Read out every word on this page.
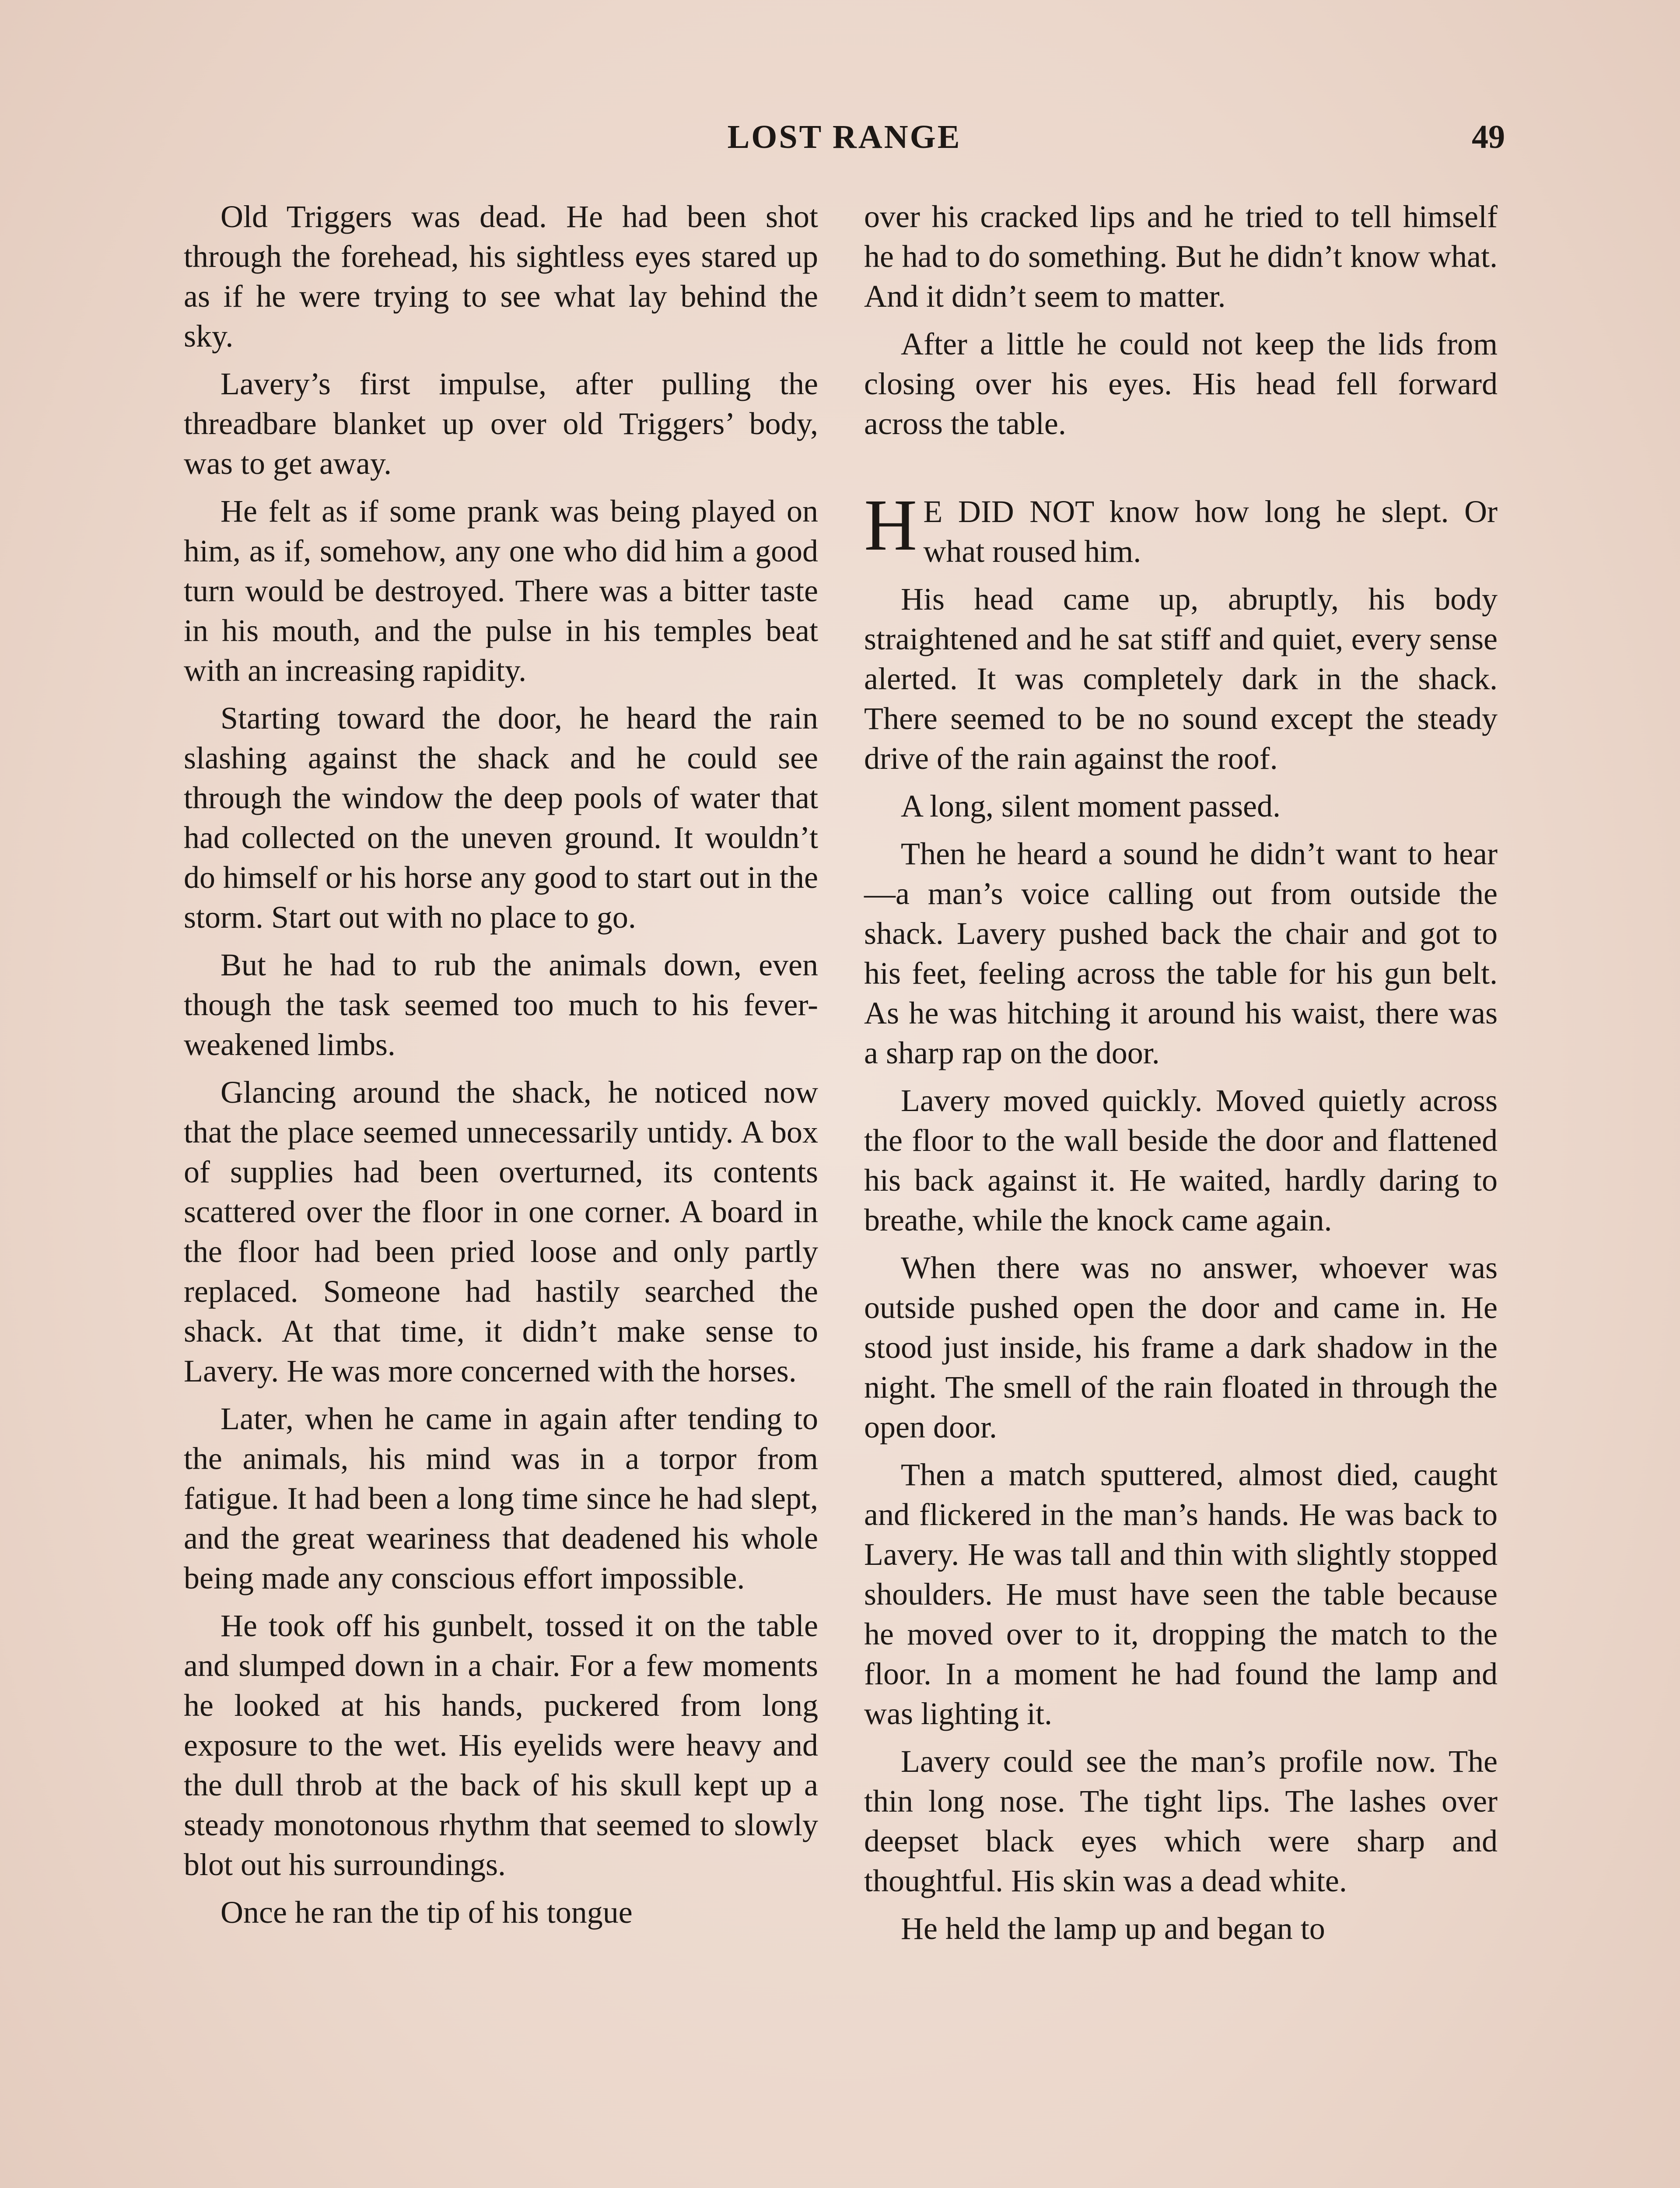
LOST RANGE	49

Old Triggers was dead. He had been shot through the forehead, his sightless eyes stared up as if he were trying to see what lay behind the sky.

Lavery’s first impulse, after pulling the threadbare blanket up over old Triggers’ body, was to get away.

He felt as if some prank was being played on him, as if, somehow, any one who did him a good turn would be destroyed. There was a bitter taste in his mouth, and the pulse in his temples beat with an increasing rapidity.

Starting toward the door, he heard the rain slashing against the shack and he could see through the window the deep pools of water that had collected on the uneven ground. It wouldn’t do himself or his horse any good to start out in the storm. Start out with no place to go.

But he had to rub the animals down, even though the task seemed too much to his fever-weakened limbs.

Glancing around the shack, he noticed now that the place seemed unnecessarily untidy. A box of supplies had been overturned, its contents scattered over the floor in one corner. A board in the floor had been pried loose and only partly replaced. Someone had hastily searched the shack. At that time, it didn’t make sense to Lavery. He was more concerned with the horses.

Later, when he came in again after tending to the animals, his mind was in a torpor from fatigue. It had been a long time since he had slept, and the great weariness that deadened his whole being made any conscious effort impossible.

He took off his gunbelt, tossed it on the table and slumped down in a chair. For a few moments he looked at his hands, puckered from long exposure to the wet. His eyelids were heavy and the dull throb at the back of his skull kept up a steady monotonous rhythm that seemed to slowly blot out his surroundings.

Once he ran the tip of his tongue

over his cracked lips and he tried to tell himself he had to do something. But he didn’t know what. And it didn’t seem to matter.

After a little he could not keep the lids from closing over his eyes. His head fell forward across the table.

H E DID NOT know how long he slept. Or what roused him.

His head came up, abruptly, his body straightened and he sat stiff and quiet, every sense alerted. It was completely dark in the shack. There seemed to be no sound except the steady drive of the rain against the roof.

A long, silent moment passed.

Then he heard a sound he didn’t want to hear—a man’s voice calling out from outside the shack. Lavery pushed back the chair and got to his feet, feeling across the table for his gun belt. As he was hitching it around his waist, there was a sharp rap on the door.

Lavery moved quickly. Moved quietly across the floor to the wall beside the door and flattened his back against it. He waited, hardly daring to breathe, while the knock came again.

When there was no answer, whoever was outside pushed open the door and came in. He stood just inside, his frame a dark shadow in the night. The smell of the rain floated in through the open door.

Then a match sputtered, almost died, caught and flickered in the man’s hands. He was back to Lavery. He was tall and thin with slightly stopped shoulders. He must have seen the table because he moved over to it, dropping the match to the floor. In a moment he had found the lamp and was lighting it.

Lavery could see the man’s profile now. The thin long nose. The tight lips. The lashes over deepset black eyes which were sharp and thoughtful. His skin was a dead white.

He held the lamp up and began to
